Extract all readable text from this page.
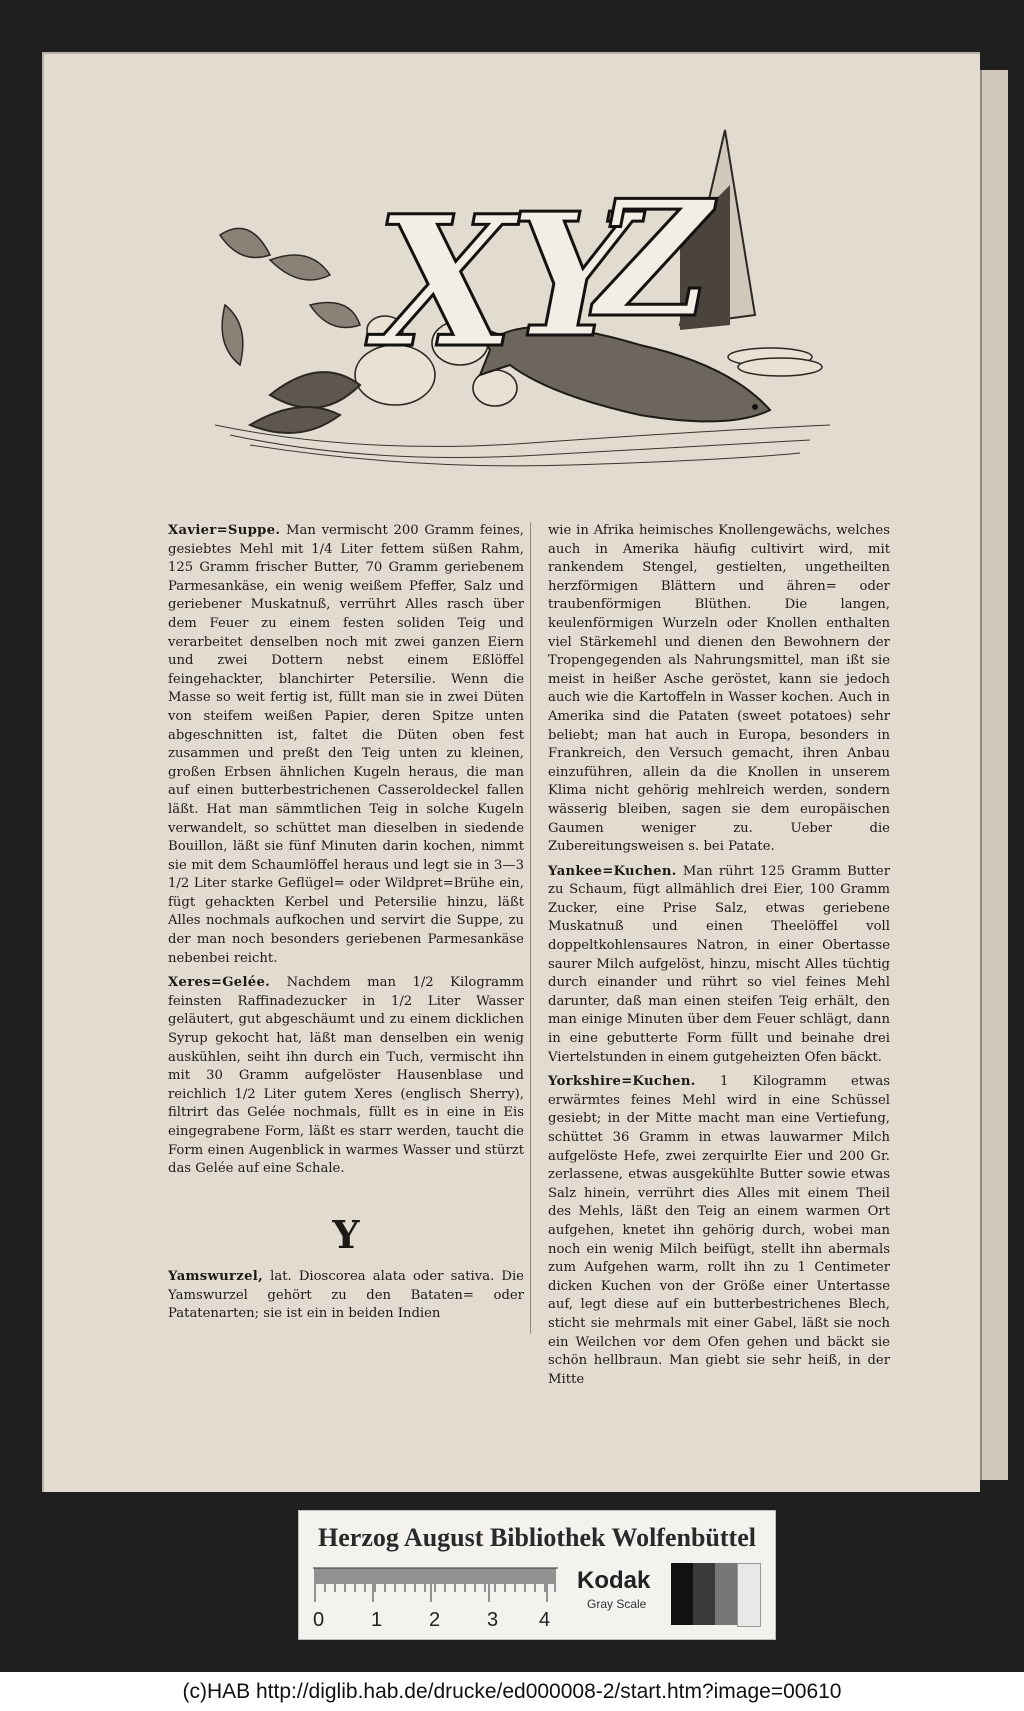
X
Y
Z

Xavier=Suppe. Man vermischt 200 Gramm feines, gesiebtes Mehl mit 1/4 Liter fettem süßen Rahm, 125 Gramm frischer Butter, 70 Gramm geriebenem Parmesankäse, ein wenig weißem Pfeffer, Salz und geriebener Muskatnuß, verrührt Alles rasch über dem Feuer zu einem festen soliden Teig und verarbeitet denselben noch mit zwei ganzen Eiern und zwei Dottern nebst einem Eßlöffel feingehackter, blanchirter Petersilie. Wenn die Masse so weit fertig ist, füllt man sie in zwei Düten von steifem weißen Papier, deren Spitze unten abgeschnitten ist, faltet die Düten oben fest zusammen und preßt den Teig unten zu kleinen, großen Erbsen ähnlichen Kugeln heraus, die man auf einen butterbestrichenen Casseroldeckel fallen läßt. Hat man sämmtlichen Teig in solche Kugeln verwandelt, so schüttet man dieselben in siedende Bouillon, läßt sie fünf Minuten darin kochen, nimmt sie mit dem Schaumlöffel heraus und legt sie in 3—3 1/2 Liter starke Geflügel= oder Wildpret=Brühe ein, fügt gehackten Kerbel und Petersilie hinzu, läßt Alles nochmals aufkochen und servirt die Suppe, zu der man noch besonders geriebenen Parmesankäse nebenbei reicht.

Xeres=Gelée. Nachdem man 1/2 Kilogramm feinsten Raffinadezucker in 1/2 Liter Wasser geläutert, gut abgeschäumt und zu einem dicklichen Syrup gekocht hat, läßt man denselben ein wenig auskühlen, seiht ihn durch ein Tuch, vermischt ihn mit 30 Gramm aufgelöster Hausenblase und reichlich 1/2 Liter gutem Xeres (englisch Sherry), filtrirt das Gelée nochmals, füllt es in eine in Eis eingegrabene Form, läßt es starr werden, taucht die Form einen Augenblick in warmes Wasser und stürzt das Gelée auf eine Schale.

Y

Yamswurzel, lat. Dioscorea alata oder sativa. Die Yamswurzel gehört zu den Bataten= oder Patatenarten; sie ist ein in beiden Indien

wie in Afrika heimisches Knollengewächs, welches auch in Amerika häufig cultivirt wird, mit rankendem Stengel, gestielten, ungetheilten herzförmigen Blättern und ähren= oder traubenförmigen Blüthen. Die langen, keulenförmigen Wurzeln oder Knollen enthalten viel Stärkemehl und dienen den Bewohnern der Tropengegenden als Nahrungsmittel, man ißt sie meist in heißer Asche geröstet, kann sie jedoch auch wie die Kartoffeln in Wasser kochen. Auch in Amerika sind die Pataten (sweet potatoes) sehr beliebt; man hat auch in Europa, besonders in Frankreich, den Versuch gemacht, ihren Anbau einzuführen, allein da die Knollen in unserem Klima nicht gehörig mehlreich werden, sondern wässerig bleiben, sagen sie dem europäischen Gaumen weniger zu. Ueber die Zubereitungsweisen s. bei Patate.

Yankee=Kuchen. Man rührt 125 Gramm Butter zu Schaum, fügt allmählich drei Eier, 100 Gramm Zucker, eine Prise Salz, etwas geriebene Muskatnuß und einen Theelöffel voll doppeltkohlensaures Natron, in einer Obertasse saurer Milch aufgelöst, hinzu, mischt Alles tüchtig durch einander und rührt so viel feines Mehl darunter, daß man einen steifen Teig erhält, den man einige Minuten über dem Feuer schlägt, dann in eine gebutterte Form füllt und beinahe drei Viertelstunden in einem gutgeheizten Ofen bäckt.

Yorkshire=Kuchen. 1 Kilogramm etwas erwärmtes feines Mehl wird in eine Schüssel gesiebt; in der Mitte macht man eine Vertiefung, schüttet 36 Gramm in etwas lauwarmer Milch aufgelöste Hefe, zwei zerquirlte Eier und 200 Gr. zerlassene, etwas ausgekühlte Butter sowie etwas Salz hinein, verrührt dies Alles mit einem Theil des Mehls, läßt den Teig an einem warmen Ort aufgehen, knetet ihn gehörig durch, wobei man noch ein wenig Milch beifügt, stellt ihn abermals zum Aufgehen warm, rollt ihn zu 1 Centimeter dicken Kuchen von der Größe einer Untertasse auf, legt diese auf ein butterbestrichenes Blech, sticht sie mehrmals mit einer Gabel, läßt sie noch ein Weilchen vor dem Ofen gehen und bäckt sie schön hellbraun. Man giebt sie sehr heiß, in der Mitte

Herzog August Bibliothek Wolfenbüttel
0 1 2 3 4
Kodak
Gray Scale
(c)HAB http://diglib.hab.de/drucke/ed000008-2/start.htm?image=00610
